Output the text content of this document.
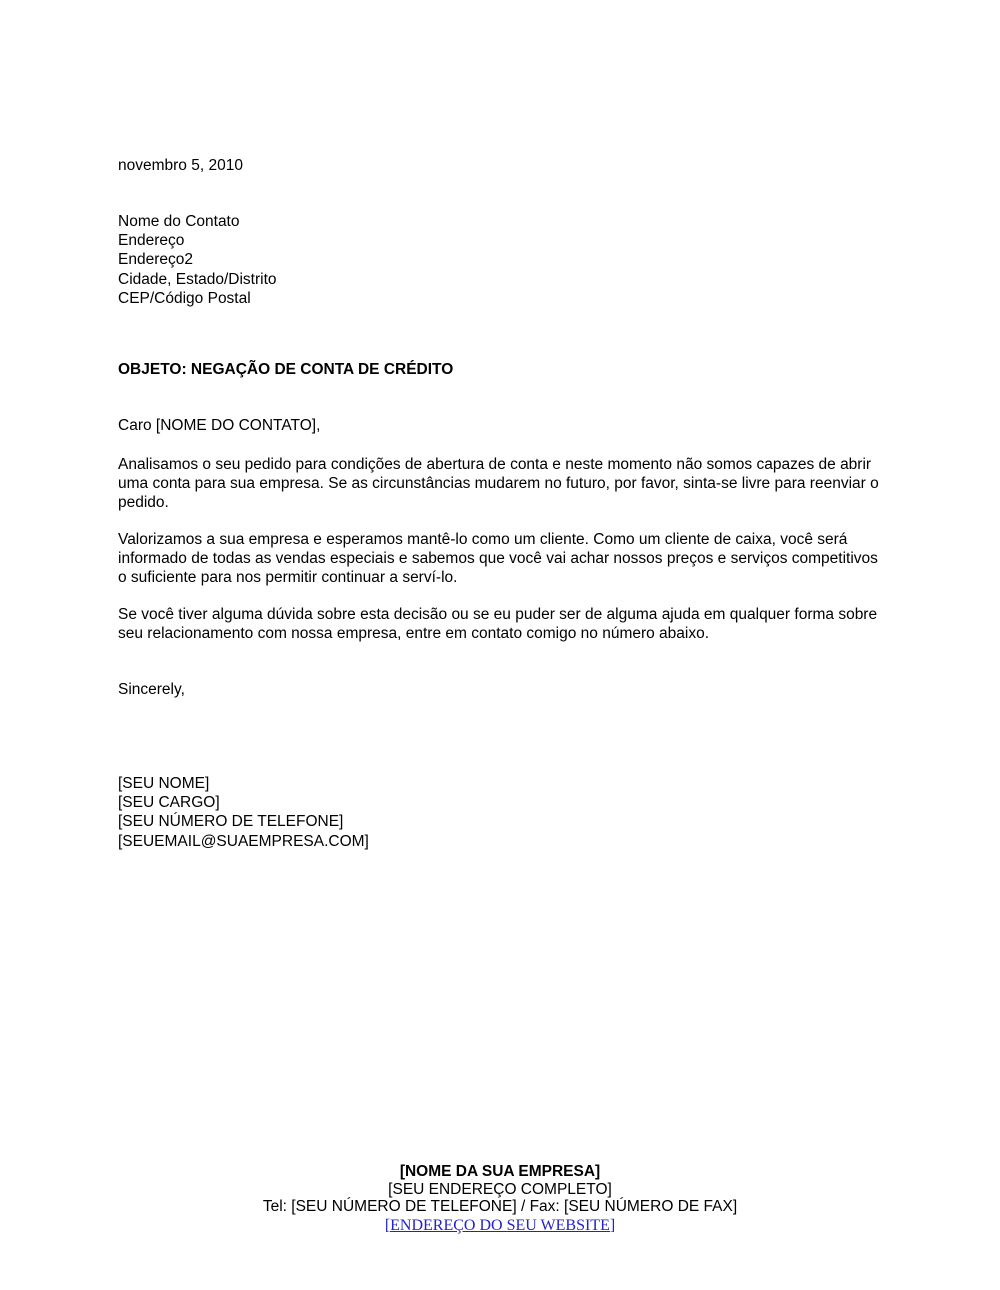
novembro 5, 2010
Nome do Contato
Endereço
Endereço2
Cidade, Estado/Distrito
CEP/Código Postal
OBJETO: NEGAÇÃO DE CONTA DE CRÉDITO
Caro [NOME DO CONTATO],
Analisamos o seu pedido para condições de abertura de conta e neste momento não somos capazes de abrir uma conta para sua empresa. Se as circunstâncias mudarem no futuro, por favor, sinta-se livre para reenviar o pedido.
Valorizamos a sua empresa e esperamos mantê-lo como um cliente. Como um cliente de caixa, você será informado de todas as vendas especiais e sabemos que você vai achar nossos preços e serviços competitivos o suficiente para nos permitir continuar a serví-lo.
Se você tiver alguma dúvida sobre esta decisão ou se eu puder ser de alguma ajuda em qualquer forma sobre seu relacionamento com nossa empresa, entre em contato comigo no número abaixo.
Sincerely,
[SEU NOME]
[SEU CARGO]
[SEU NÚMERO DE TELEFONE]
[SEUEMAIL@SUAEMPRESA.COM]
[NOME DA SUA EMPRESA]
[SEU ENDEREÇO COMPLETO]
Tel: [SEU NÚMERO DE TELEFONE] / Fax: [SEU NÚMERO DE FAX]
[ENDEREÇO DO SEU WEBSITE]
